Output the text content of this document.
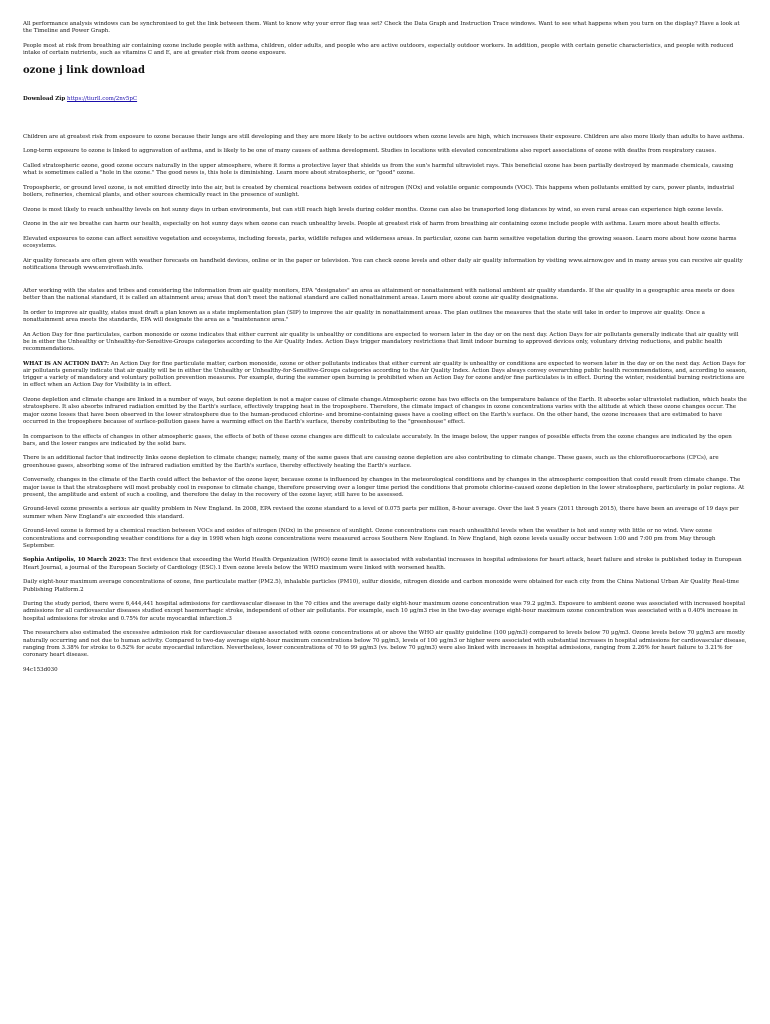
All performance analysis windows can be synchronised to get the link between them. Want to know why your error flag was set? Check the Data Graph and Instruction Trace windows. Want to see what happens when you turn on the display? Have a look at the Timeline and Power Graph.

People most at risk from breathing air containing ozone include people with asthma, children, older adults, and people who are active outdoors, especially outdoor workers. In addition, people with certain genetic characteristics, and people with reduced intake of certain nutrients, such as vitamins C and E, are at greater risk from ozone exposure.

ozone j link download
Download Zip https://tiurll.com/2nv5pC

Children are at greatest risk from exposure to ozone because their lungs are still developing and they are more likely to be active outdoors when ozone levels are high, which increases their exposure. Children are also more likely than adults to have asthma.

Long-term exposure to ozone is linked to aggravation of asthma, and is likely to be one of many causes of asthma development. Studies in locations with elevated concentrations also report associations of ozone with deaths from respiratory causes.

Called stratospheric ozone, good ozone occurs naturally in the upper atmosphere, where it forms a protective layer that shields us from the sun's harmful ultraviolet rays. This beneficial ozone has been partially destroyed by manmade chemicals, causing what is sometimes called a "hole in the ozone." The good news is, this hole is diminishing. Learn more about stratospheric, or "good" ozone.

Tropospheric, or ground level ozone, is not emitted directly into the air, but is created by chemical reactions between oxides of nitrogen (NOx) and volatile organic compounds (VOC). This happens when pollutants emitted by cars, power plants, industrial boilers, refineries, chemical plants, and other sources chemically react in the presence of sunlight.

Ozone is most likely to reach unhealthy levels on hot sunny days in urban environments, but can still reach high levels during colder months. Ozone can also be transported long distances by wind, so even rural areas can experience high ozone levels.

Ozone in the air we breathe can harm our health, especially on hot sunny days when ozone can reach unhealthy levels. People at greatest risk of harm from breathing air containing ozone include people with asthma. Learn more about health effects.

Elevated exposures to ozone can affect sensitive vegetation and ecosystems, including forests, parks, wildlife refuges and wilderness areas. In particular, ozone can harm sensitive vegetation during the growing season. Learn more about how ozone harms ecosystems.

Air quality forecasts are often given with weather forecasts on handheld devices, online or in the paper or television. You can check ozone levels and other daily air quality information by visiting www.airnow.gov and in many areas you can receive air quality notifications through www.enviroflash.info.

After working with the states and tribes and considering the information from air quality monitors, EPA "designates" an area as attainment or nonattainment with national ambient air quality standards. If the air quality in a geographic area meets or does better than the national standard, it is called an attainment area; areas that don't meet the national standard are called nonattainment areas. Learn more about ozone air quality designations.

In order to improve air quality, states must draft a plan known as a state implementation plan (SIP) to improve the air quality in nonattainment areas. The plan outlines the measures that the state will take in order to improve air quality. Once a nonattainment area meets the standards, EPA will designate the area as a "maintenance area."

An Action Day for fine particulates, carbon monoxide or ozone indicates that either current air quality is unhealthy or conditions are expected to worsen later in the day or on the next day. Action Days for air pollutants generally indicate that air quality will be in either the Unhealthy or Unhealthy-for-Sensitive-Groups categories according to the Air Quality Index. Action Days trigger mandatory restrictions that limit indoor burning to approved devices only, voluntary driving reductions, and public health recommendations.

WHAT IS AN ACTION DAY?: An Action Day for fine particulate matter, carbon monoxide, ozone or other pollutants indicates that either current air quality is unhealthy or conditions are expected to worsen later in the day or on the next day. Action Days for air pollutants generally indicate that air quality will be in either the Unhealthy or Unhealthy-for-Sensitive-Groups categories according to the Air Quality Index. Action Days always convey overarching public health recommendations, and, according to season, trigger a variety of mandatory and voluntary pollution prevention measures. For example, during the summer open burning is prohibited when an Action Day for ozone and/or fine particulates is in effect. During the winter, residential burning restrictions are in effect when an Action Day for Visibility is in effect.

Ozone depletion and climate change are linked in a number of ways, but ozone depletion is not a major cause of climate change.Atmospheric ozone has two effects on the temperature balance of the Earth. It absorbs solar ultraviolet radiation, which heats the stratosphere. It also absorbs infrared radiation emitted by the Earth's surface, effectively trapping heat in the troposphere. Therefore, the climate impact of changes in ozone concentrations varies with the altitude at which these ozone changes occur. The major ozone losses that have been observed in the lower stratosphere due to the human-produced chlorine- and bromine-containing gases have a cooling effect on the Earth's surface. On the other hand, the ozone increases that are estimated to have occurred in the troposphere because of surface-pollution gases have a warming effect on the Earth's surface, thereby contributing to the "greenhouse" effect.

In comparison to the effects of changes in other atmospheric gases, the effects of both of these ozone changes are difficult to calculate accurately. In the image below, the upper ranges of possible effects from the ozone changes are indicated by the open bars, and the lower ranges are indicated by the solid bars.

There is an additional factor that indirectly links ozone depletion to climate change; namely, many of the same gases that are causing ozone depletion are also contributing to climate change. These gases, such as the chlorofluorocarbons (CFCs), are greenhouse gases, absorbing some of the infrared radiation emitted by the Earth's surface, thereby effectively heating the Earth's surface.

Conversely, changes in the climate of the Earth could affect the behavior of the ozone layer, because ozone is influenced by changes in the meteorological conditions and by changes in the atmospheric composition that could result from climate change. The major issue is that the stratosphere will most probably cool in response to climate change, therefore preserving over a longer time period the conditions that promote chlorine-caused ozone depletion in the lower stratosphere, particularly in polar regions. At present, the amplitude and extent of such a cooling, and therefore the delay in the recovery of the ozone layer, still have to be assessed.

Ground-level ozone presents a serious air quality problem in New England. In 2008, EPA revised the ozone standard to a level of 0.075 parts per million, 8-hour average. Over the last 5 years (2011 through 2015), there have been an average of 19 days per summer when New England's air exceeded this standard.

Ground-level ozone is formed by a chemical reaction between VOCs and oxides of nitrogen (NOx) in the presence of sunlight. Ozone concentrations can reach unhealthful levels when the weather is hot and sunny with little or no wind. View ozone concentrations and corresponding weather conditions for a day in 1998 when high ozone concentrations were measured across Southern New England. In New England, high ozone levels usually occur between 1:00 and 7:00 pm from May through September.

Sophia Antipolis, 10 March 2023: The first evidence that exceeding the World Health Organization (WHO) ozone limit is associated with substantial increases in hospital admissions for heart attack, heart failure and stroke is published today in European Heart Journal, a journal of the European Society of Cardiology (ESC).1 Even ozone levels below the WHO maximum were linked with worsened health.

Daily eight-hour maximum average concentrations of ozone, fine particulate matter (PM2.5), inhalable particles (PM10), sulfur dioxide, nitrogen dioxide and carbon monoxide were obtained for each city from the China National Urban Air Quality Real-time Publishing Platform.2

During the study period, there were 6,444,441 hospital admissions for cardiovascular disease in the 70 cities and the average daily eight-hour maximum ozone concentration was 79.2 μg/m3. Exposure to ambient ozone was associated with increased hospital admissions for all cardiovascular diseases studied except haemorrhagic stroke, independent of other air pollutants. For example, each 10 μg/m3 rise in the two-day average eight-hour maximum ozone concentration was associated with a 0.40% increase in hospital admissions for stroke and 0.75% for acute myocardial infarction.3

The researchers also estimated the excessive admission risk for cardiovascular disease associated with ozone concentrations at or above the WHO air quality guideline (100 μg/m3) compared to levels below 70 μg/m3. Ozone levels below 70 μg/m3 are mostly naturally occurring and not due to human activity. Compared to two-day average eight-hour maximum concentrations below 70 μg/m3, levels of 100 μg/m3 or higher were associated with substantial increases in hospital admissions for cardiovascular disease, ranging from 3.38% for stroke to 6.52% for acute myocardial infarction. Nevertheless, lower concentrations of 70 to 99 μg/m3 (vs. below 70 μg/m3) were also linked with increases in hospital admissions, ranging from 2.26% for heart failure to 3.21% for coronary heart disease.

94c153d030
